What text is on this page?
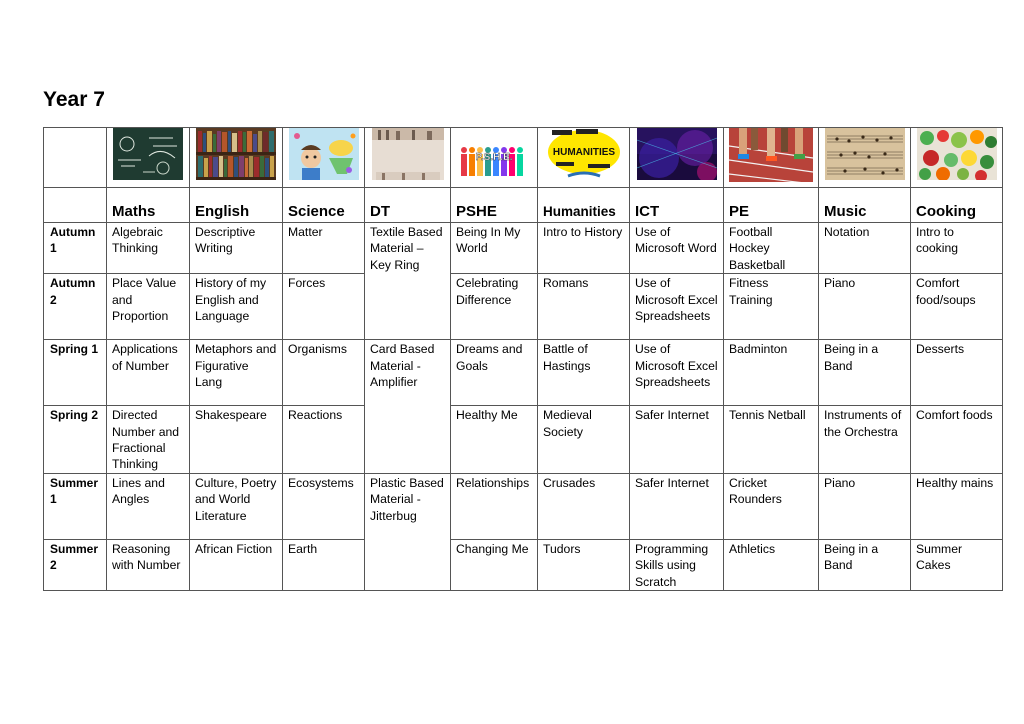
Year 7

P.S.H.E.	HUMANITIES

	Maths	English	Science	DT	PSHE	Humanities	ICT	PE	Music	Cooking
Autumn 1	Algebraic Thinking	Descriptive Writing	Matter	Textile Based Material – Key Ring	Being In My World	Intro to History	Use of Microsoft Word	Football Hockey Basketball	Notation	Intro to cooking
Autumn 2	Place Value and Proportion	History of my English and Language	Forces		Celebrating Difference	Romans	Use of Microsoft Excel Spreadsheets	Fitness Training	Piano	Comfort food/soups
Spring 1	Applications of Number	Metaphors and Figurative Lang	Organisms	Card Based Material - Amplifier	Dreams and Goals	Battle of Hastings	Use of Microsoft Excel Spreadsheets	Badminton	Being in a Band	Desserts
Spring 2	Directed Number and Fractional Thinking	Shakespeare	Reactions		Healthy Me	Medieval Society	Safer Internet	Tennis Netball	Instruments of the Orchestra	Comfort foods
Summer 1	Lines and Angles	Culture, Poetry and World Literature	Ecosystems	Plastic Based Material - Jitterbug	Relationships	Crusades	Safer Internet	Cricket Rounders	Piano	Healthy mains
Summer 2	Reasoning with Number	African Fiction	Earth		Changing Me	Tudors	Programming Skills using Scratch	Athletics	Being in a Band	Summer Cakes
